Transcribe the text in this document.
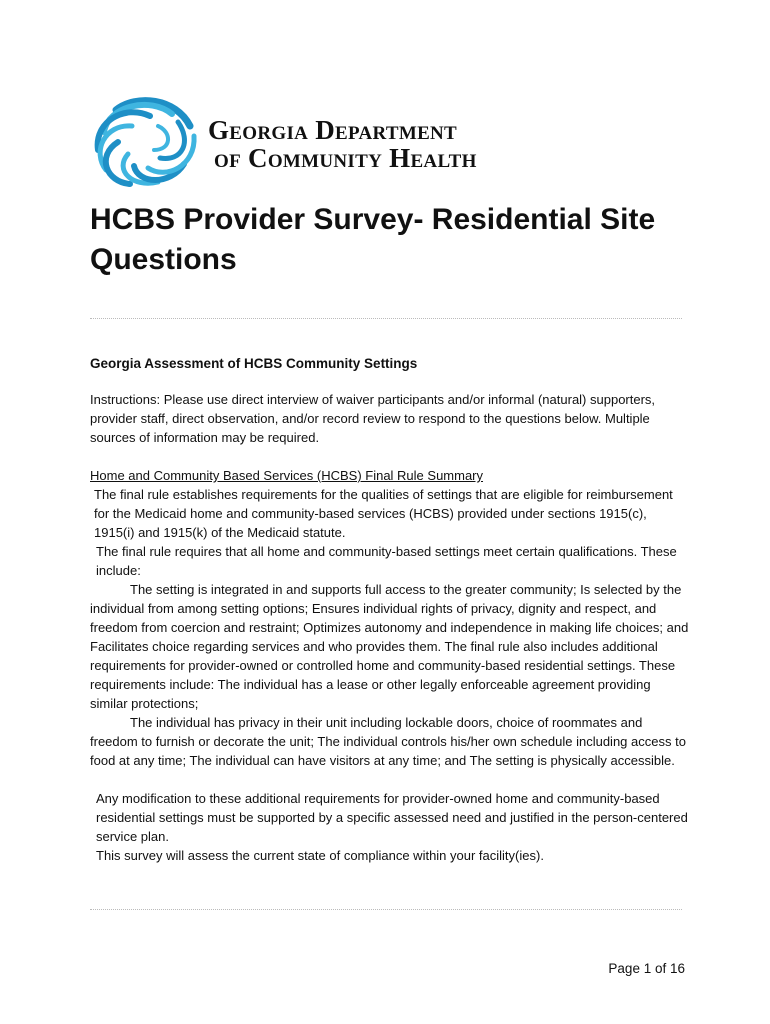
Georgia Department
of Community Health
HCBS Provider Survey- Residential Site Questions
Georgia Assessment of HCBS Community Settings

Instructions: Please use direct interview of waiver participants and/or informal (natural) supporters, provider staff, direct observation, and/or record review to respond to the questions below. Multiple sources of information may be required.

Home and Community Based Services (HCBS) Final Rule Summary

The final rule establishes requirements for the qualities of settings that are eligible for reimbursement for the Medicaid home and community-based services (HCBS) provided under sections 1915(c), 1915(i) and 1915(k) of the Medicaid statute.

The final rule requires that all home and community-based settings meet certain qualifications. These include:

The setting is integrated in and supports full access to the greater community; Is selected by the individual from among setting options; Ensures individual rights of privacy, dignity and respect, and freedom from coercion and restraint; Optimizes autonomy and independence in making life choices; and Facilitates choice regarding services and who provides them. The final rule also includes additional requirements for provider-owned or controlled home and community-based residential settings. These requirements include: The individual has a lease or other legally enforceable agreement providing similar protections;

The individual has privacy in their unit including lockable doors, choice of roommates and freedom to furnish or decorate the unit; The individual controls his/her own schedule including access to food at any time; The individual can have visitors at any time; and The setting is physically accessible.

Any modification to these additional requirements for provider-owned home and community-based residential settings must be supported by a specific assessed need and justified in the person-centered service plan.

This survey will assess the current state of compliance within your facility(ies).

Page 1 of 16
